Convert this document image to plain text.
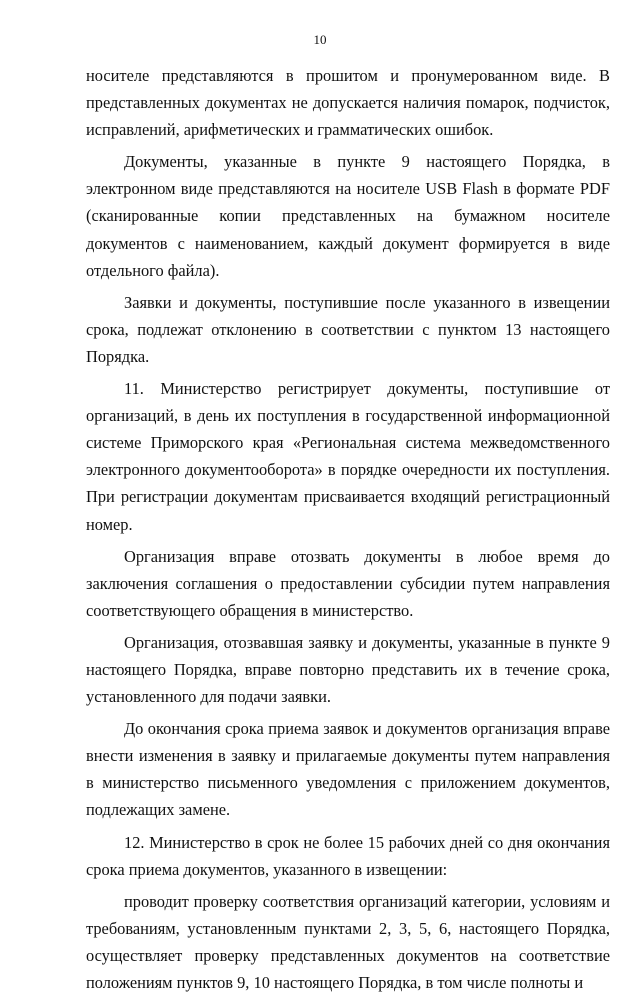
10

носителе представляются в прошитом и пронумерованном виде. В представленных документах не допускается наличия помарок, подчисток, исправлений, арифметических и грамматических ошибок.

Документы, указанные в пункте 9 настоящего Порядка, в электронном виде представляются на носителе USB Flash в формате PDF (сканированные копии представленных на бумажном носителе документов с наименованием, каждый документ формируется в виде отдельного файла).

Заявки и документы, поступившие после указанного в извещении срока, подлежат отклонению в соответствии с пунктом 13 настоящего Порядка.

11. Министерство регистрирует документы, поступившие от организаций, в день их поступления в государственной информационной системе Приморского края «Региональная система межведомственного электронного документооборота» в порядке очередности их поступления. При регистрации документам присваивается входящий регистрационный номер.

Организация вправе отозвать документы в любое время до заключения соглашения о предоставлении субсидии путем направления соответствующего обращения в министерство.

Организация, отозвавшая заявку и документы, указанные в пункте 9 настоящего Порядка, вправе повторно представить их в течение срока, установленного для подачи заявки.

До окончания срока приема заявок и документов организация вправе внести изменения в заявку и прилагаемые документы путем направления в министерство письменного уведомления с приложением документов, подлежащих замене.

12. Министерство в срок не более 15 рабочих дней со дня окончания срока приема документов, указанного в извещении:

проводит проверку соответствия организаций категории, условиям и требованиям, установленным пунктами 2, 3, 5, 6, настоящего Порядка, осуществляет проверку представленных документов на соответствие положениям пунктов 9, 10 настоящего Порядка, в том числе полноты и
